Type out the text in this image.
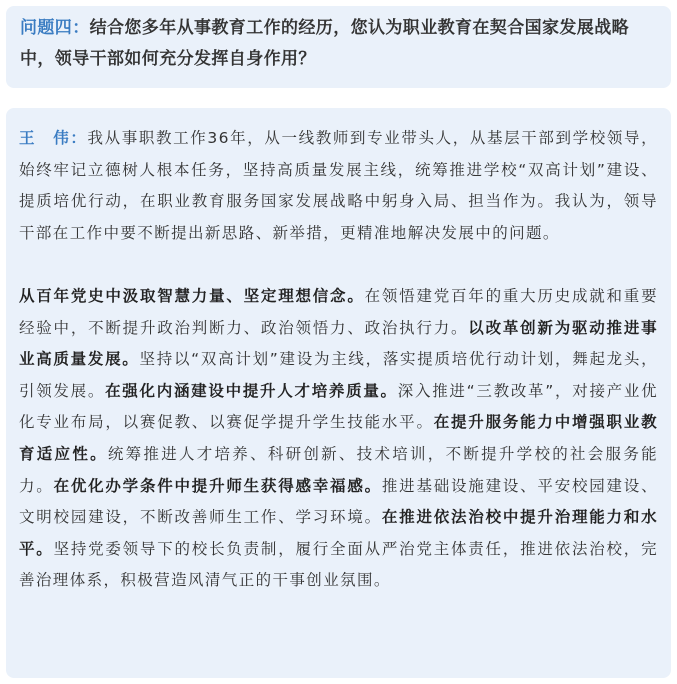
问题四：结合您多年从事教育工作的经历，您认为职业教育在契合国家发展战略中，领导干部如何充分发挥自身作用？

王　伟：我从事职教工作36年，从一线教师到专业带头人，从基层干部到学校领导，始终牢记立德树人根本任务，坚持高质量发展主线，统筹推进学校“双高计划”建设、提质培优行动，在职业教育服务国家发展战略中躬身入局、担当作为。我认为，领导干部在工作中要不断提出新思路、新举措，更精准地解决发展中的问题。

从百年党史中汲取智慧力量、坚定理想信念。在领悟建党百年的重大历史成就和重要经验中，不断提升政治判断力、政治领悟力、政治执行力。以改革创新为驱动推进事业高质量发展。坚持以“双高计划”建设为主线，落实提质培优行动计划，舞起龙头，引领发展。在强化内涵建设中提升人才培养质量。深入推进“三教改革”，对接产业优化专业布局，以赛促教、以赛促学提升学生技能水平。在提升服务能力中增强职业教育适应性。统筹推进人才培养、科研创新、技术培训，不断提升学校的社会服务能力。在优化办学条件中提升师生获得感幸福感。推进基础设施建设、平安校园建设、文明校园建设，不断改善师生工作、学习环境。在推进依法治校中提升治理能力和水平。坚持党委领导下的校长负责制，履行全面从严治党主体责任，推进依法治校，完善治理体系，积极营造风清气正的干事创业氛围。
